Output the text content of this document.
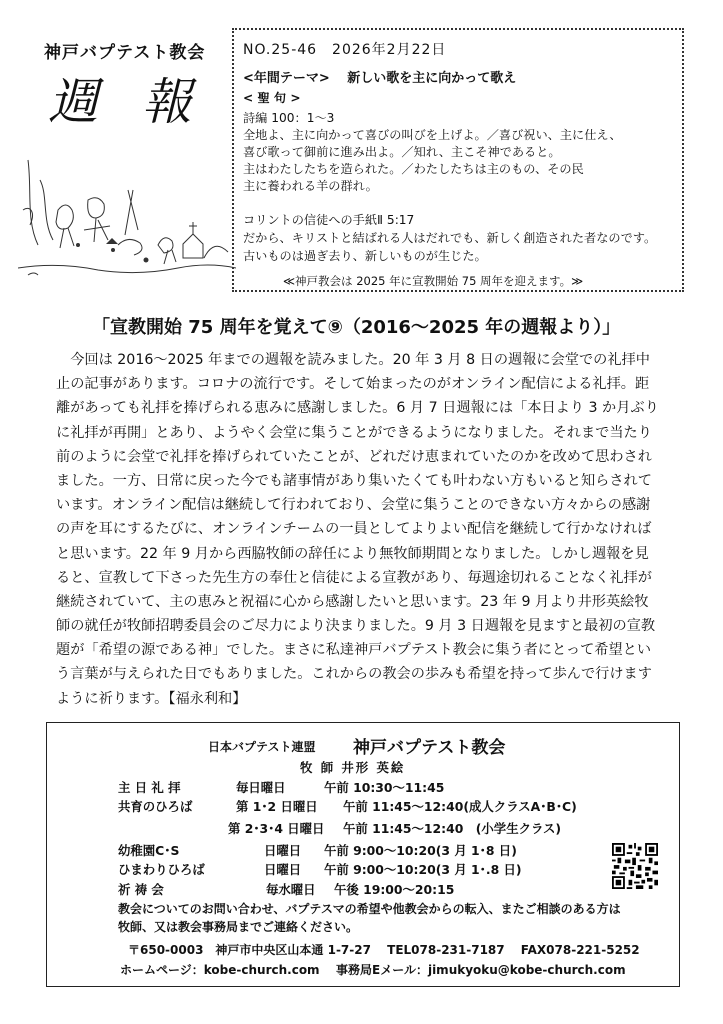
神戸バプテスト教会
週 報
NO.25-46　2026年2月22日
<年間テーマ>　 新しい歌を主に向かって歌え
< 聖 句 >
詩編 100：1～3
全地よ、主に向かって喜びの叫びを上げよ。／喜び祝い、主に仕え、
喜び歌って御前に進み出よ。／知れ、主こそ神であると。
主はわたしたちを造られた。／わたしたちは主のもの、その民
主に養われる羊の群れ。
コリントの信徒への手紙Ⅱ 5:17
だから、キリストと結ばれる人はだれでも、新しく創造された者なのです。
古いものは過ぎ去り、新しいものが生じた。
≪神戸教会は 2025 年に宣教開始 75 周年を迎えます。≫
「宣教開始 75 周年を覚えて⑨（2016～2025 年の週報より）」
　今回は 2016～2025 年までの週報を読みました。20 年 3 月 8 日の週報に会堂での礼拝中
止の記事があります。コロナの流行です。そして始まったのがオンライン配信による礼拝。距
離があっても礼拝を捧げられる恵みに感謝しました。6 月 7 日週報には「本日より 3 か月ぶり
に礼拝が再開」とあり、ようやく会堂に集うことができるようになりました。それまで当たり
前のように会堂で礼拝を捧げられていたことが、どれだけ恵まれていたのかを改めて思わされ
ました。一方、日常に戻った今でも諸事情があり集いたくても叶わない方もいると知らされて
います。オンライン配信は継続して行われており、会堂に集うことのできない方々からの感謝
の声を耳にするたびに、オンラインチームの一員としてよりよい配信を継続して行かなければ
と思います。22 年 9 月から西脇牧師の辞任により無牧師期間となりました。しかし週報を見
ると、宣教して下さった先生方の奉仕と信徒による宣教があり、毎週途切れることなく礼拝が
継続されていて、主の恵みと祝福に心から感謝したいと思います。23 年 9 月より井形英絵牧
師の就任が牧師招聘委員会のご尽力により決まりました。9 月 3 日週報を見ますと最初の宣教
題が「希望の源である神」でした。まさに私達神戸バプテスト教会に集う者にとって希望とい
う言葉が与えられた日でもありました。これからの教会の歩みも希望を持って歩んで行けます
ように祈ります。【福永利和】
日本バプテスト連盟 神戸バプテスト教会
牧 師 井形 英絵
主 日 礼 拝	毎日曜日	午前 10:30～11:45
共育のひろば	第 1･2 日曜日 午前 11:45～12:40(成人クラスA･B･C)
第 2･3･4 日曜日 午前 11:45～12:40　(小学生クラス)
幼稚園C･S	日曜日 午前 9:00～10:20(3 月 1･8 日)
ひまわりひろば	日曜日 午前 9:00～10:20(3 月 1･.8 日)
祈 祷 会	毎水曜日 午後 19:00～20:15
教会についてのお問い合わせ、バプテスマの希望や他教会からの転入、またご相談のある方は
牧師、又は教会事務局までご連絡ください。
〒650-0003　神戸市中央区山本通 1-7-27　 TEL078-231-7187　 FAX078-221-5252
ホームページ：kobe-church.com 事務局Eメール：jimukyoku@kobe-church.com
